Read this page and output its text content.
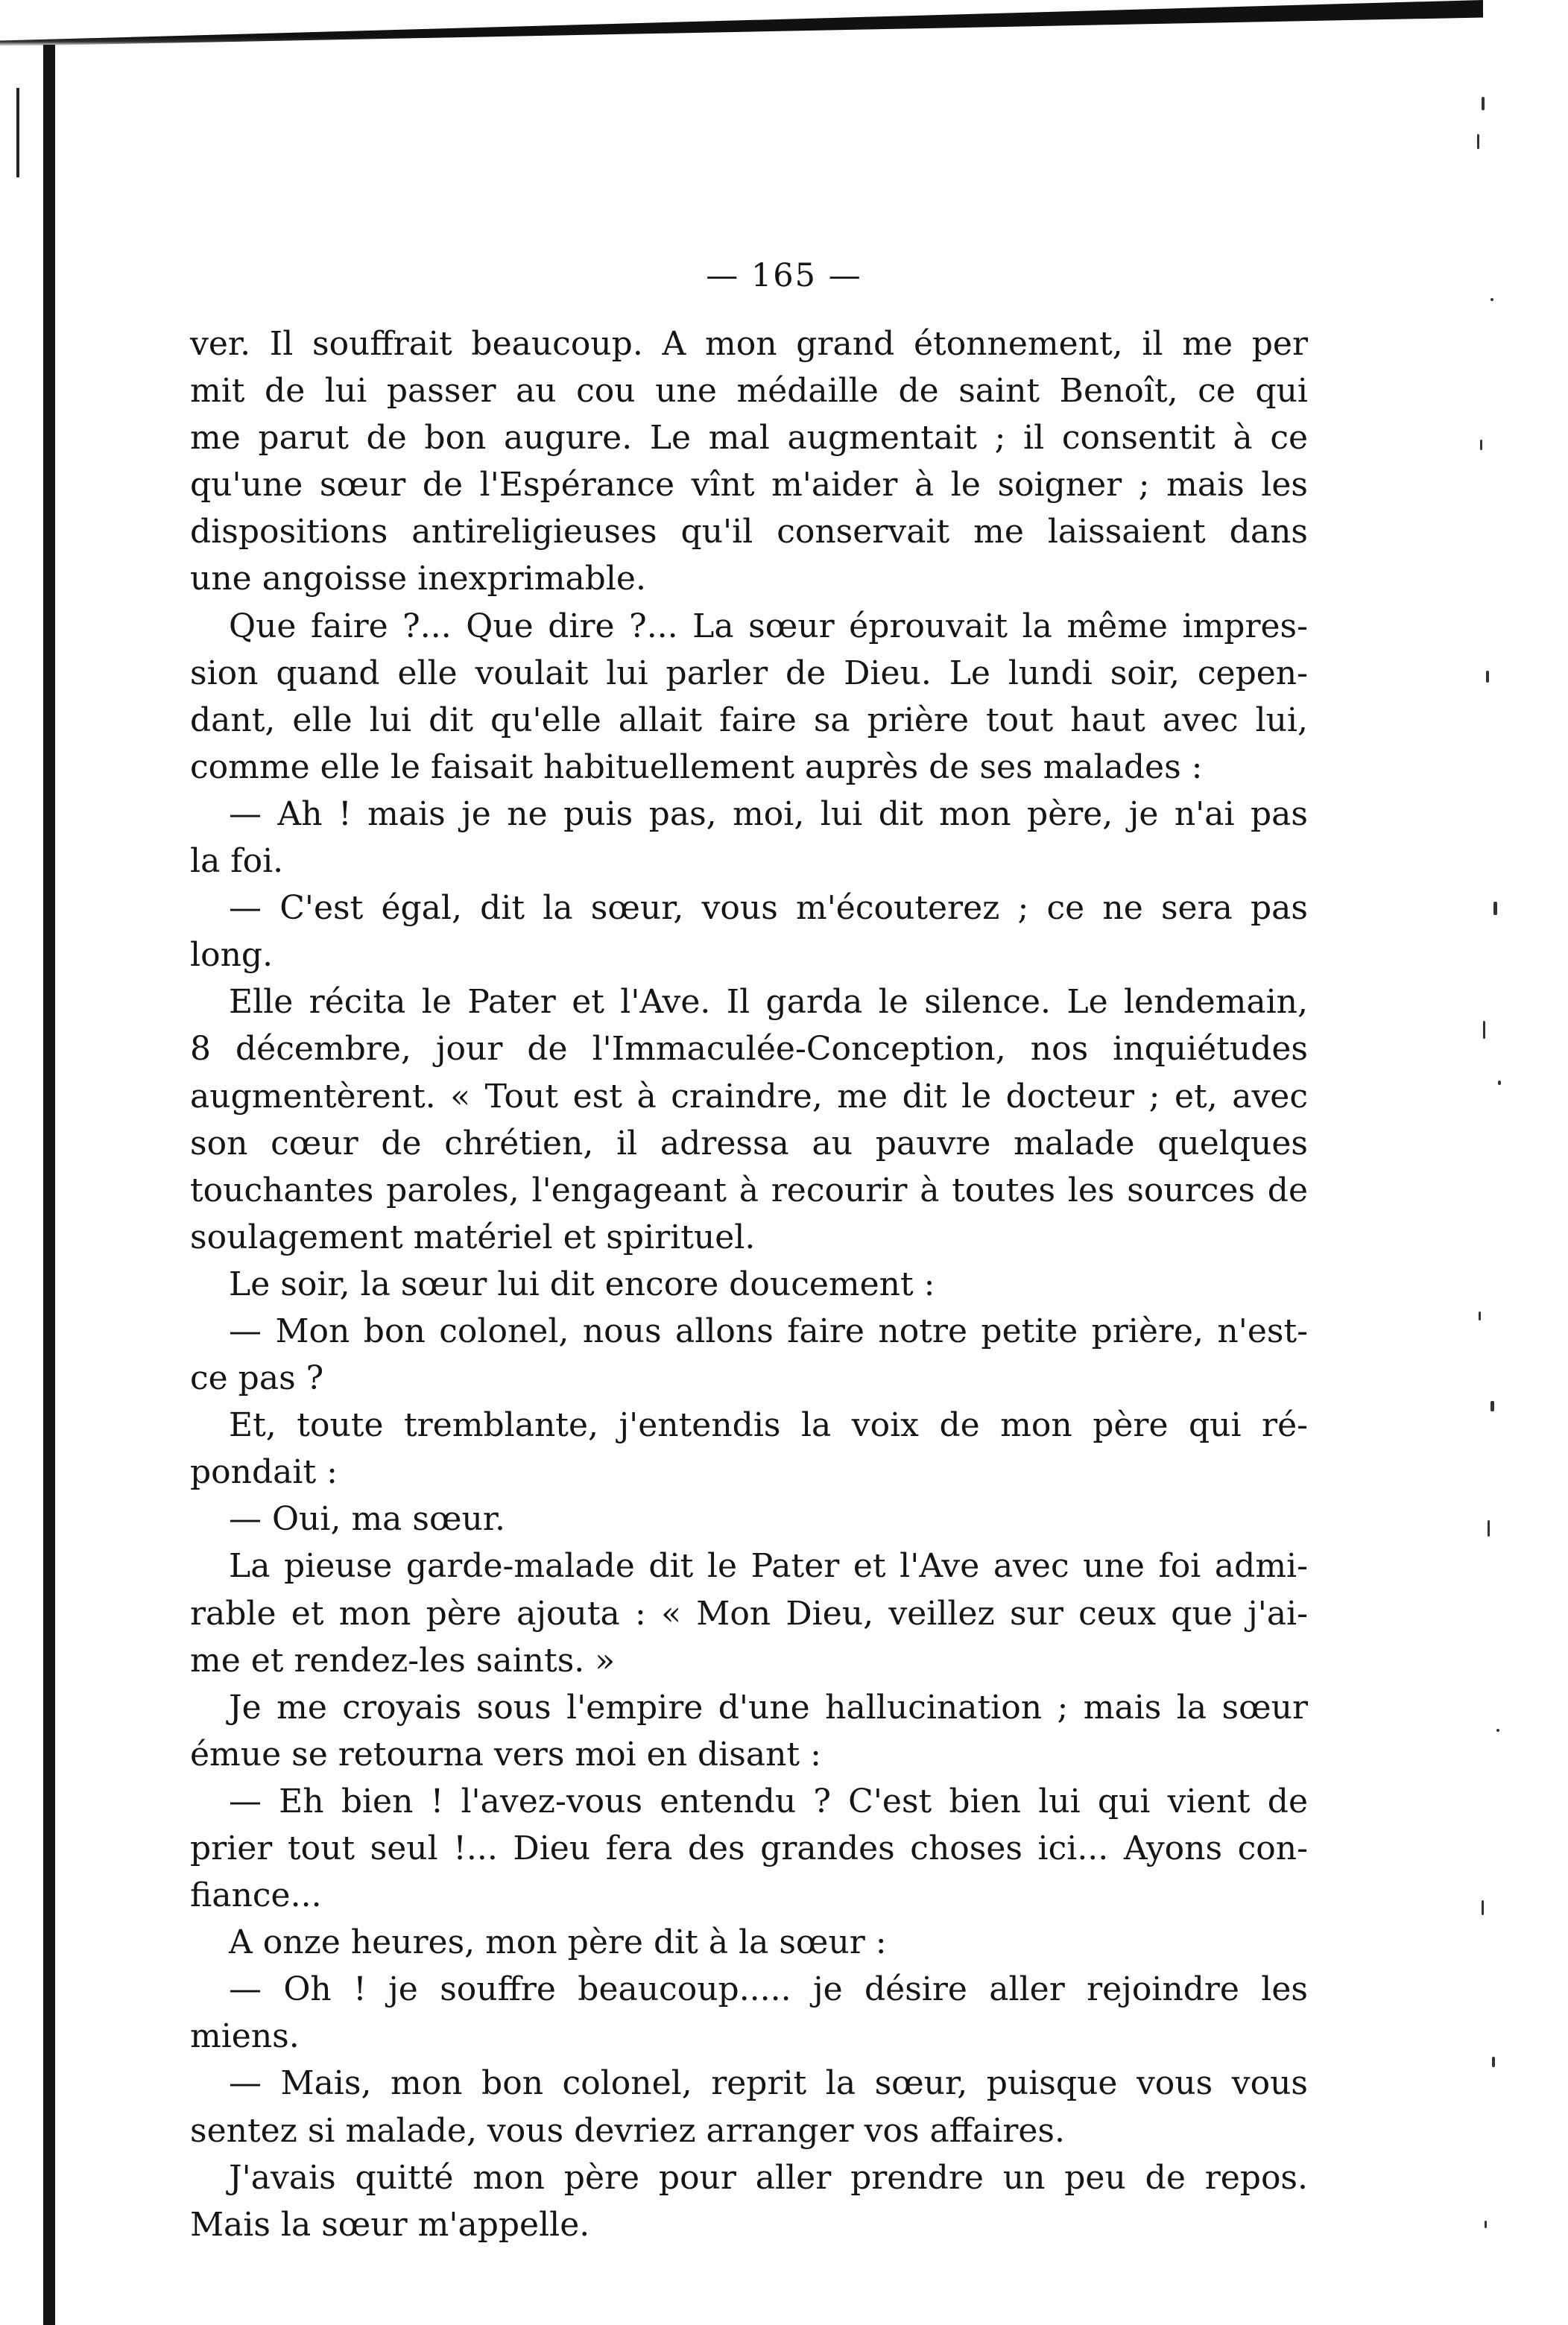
— 165 —
ver. Il souffrait beaucoup. A mon grand étonnement, il me per
mit de lui passer au cou une médaille de saint Benoît, ce qui
me parut de bon augure. Le mal augmentait ; il consentit à ce
qu'une sœur de l'Espérance vînt m'aider à le soigner ; mais les
dispositions antireligieuses qu'il conservait me laissaient dans
une angoisse inexprimable.
Que faire ?... Que dire ?... La sœur éprouvait la même impres-
sion quand elle voulait lui parler de Dieu. Le lundi soir, cepen-
dant, elle lui dit qu'elle allait faire sa prière tout haut avec lui,
comme elle le faisait habituellement auprès de ses malades :
— Ah ! mais je ne puis pas, moi, lui dit mon père, je n'ai pas
la foi.
— C'est égal, dit la sœur, vous m'écouterez ; ce ne sera pas
long.
Elle récita le Pater et l'Ave. Il garda le silence. Le lendemain,
8 décembre, jour de l'Immaculée-Conception, nos inquiétudes
augmentèrent. « Tout est à craindre, me dit le docteur ; et, avec
son cœur de chrétien, il adressa au pauvre malade quelques
touchantes paroles, l'engageant à recourir à toutes les sources de
soulagement matériel et spirituel.
Le soir, la sœur lui dit encore doucement :
— Mon bon colonel, nous allons faire notre petite prière, n'est-
ce pas ?
Et, toute tremblante, j'entendis la voix de mon père qui ré-
pondait :
— Oui, ma sœur.
La pieuse garde-malade dit le Pater et l'Ave avec une foi admi-
rable et mon père ajouta : « Mon Dieu, veillez sur ceux que j'ai-
me et rendez-les saints. »
Je me croyais sous l'empire d'une hallucination ; mais la sœur
émue se retourna vers moi en disant :
— Eh bien ! l'avez-vous entendu ? C'est bien lui qui vient de
prier tout seul !... Dieu fera des grandes choses ici... Ayons con-
fiance...
A onze heures, mon père dit à la sœur :
— Oh ! je souffre beaucoup..... je désire aller rejoindre les
miens.
— Mais, mon bon colonel, reprit la sœur, puisque vous vous
sentez si malade, vous devriez arranger vos affaires.
J'avais quitté mon père pour aller prendre un peu de repos.
Mais la sœur m'appelle.
